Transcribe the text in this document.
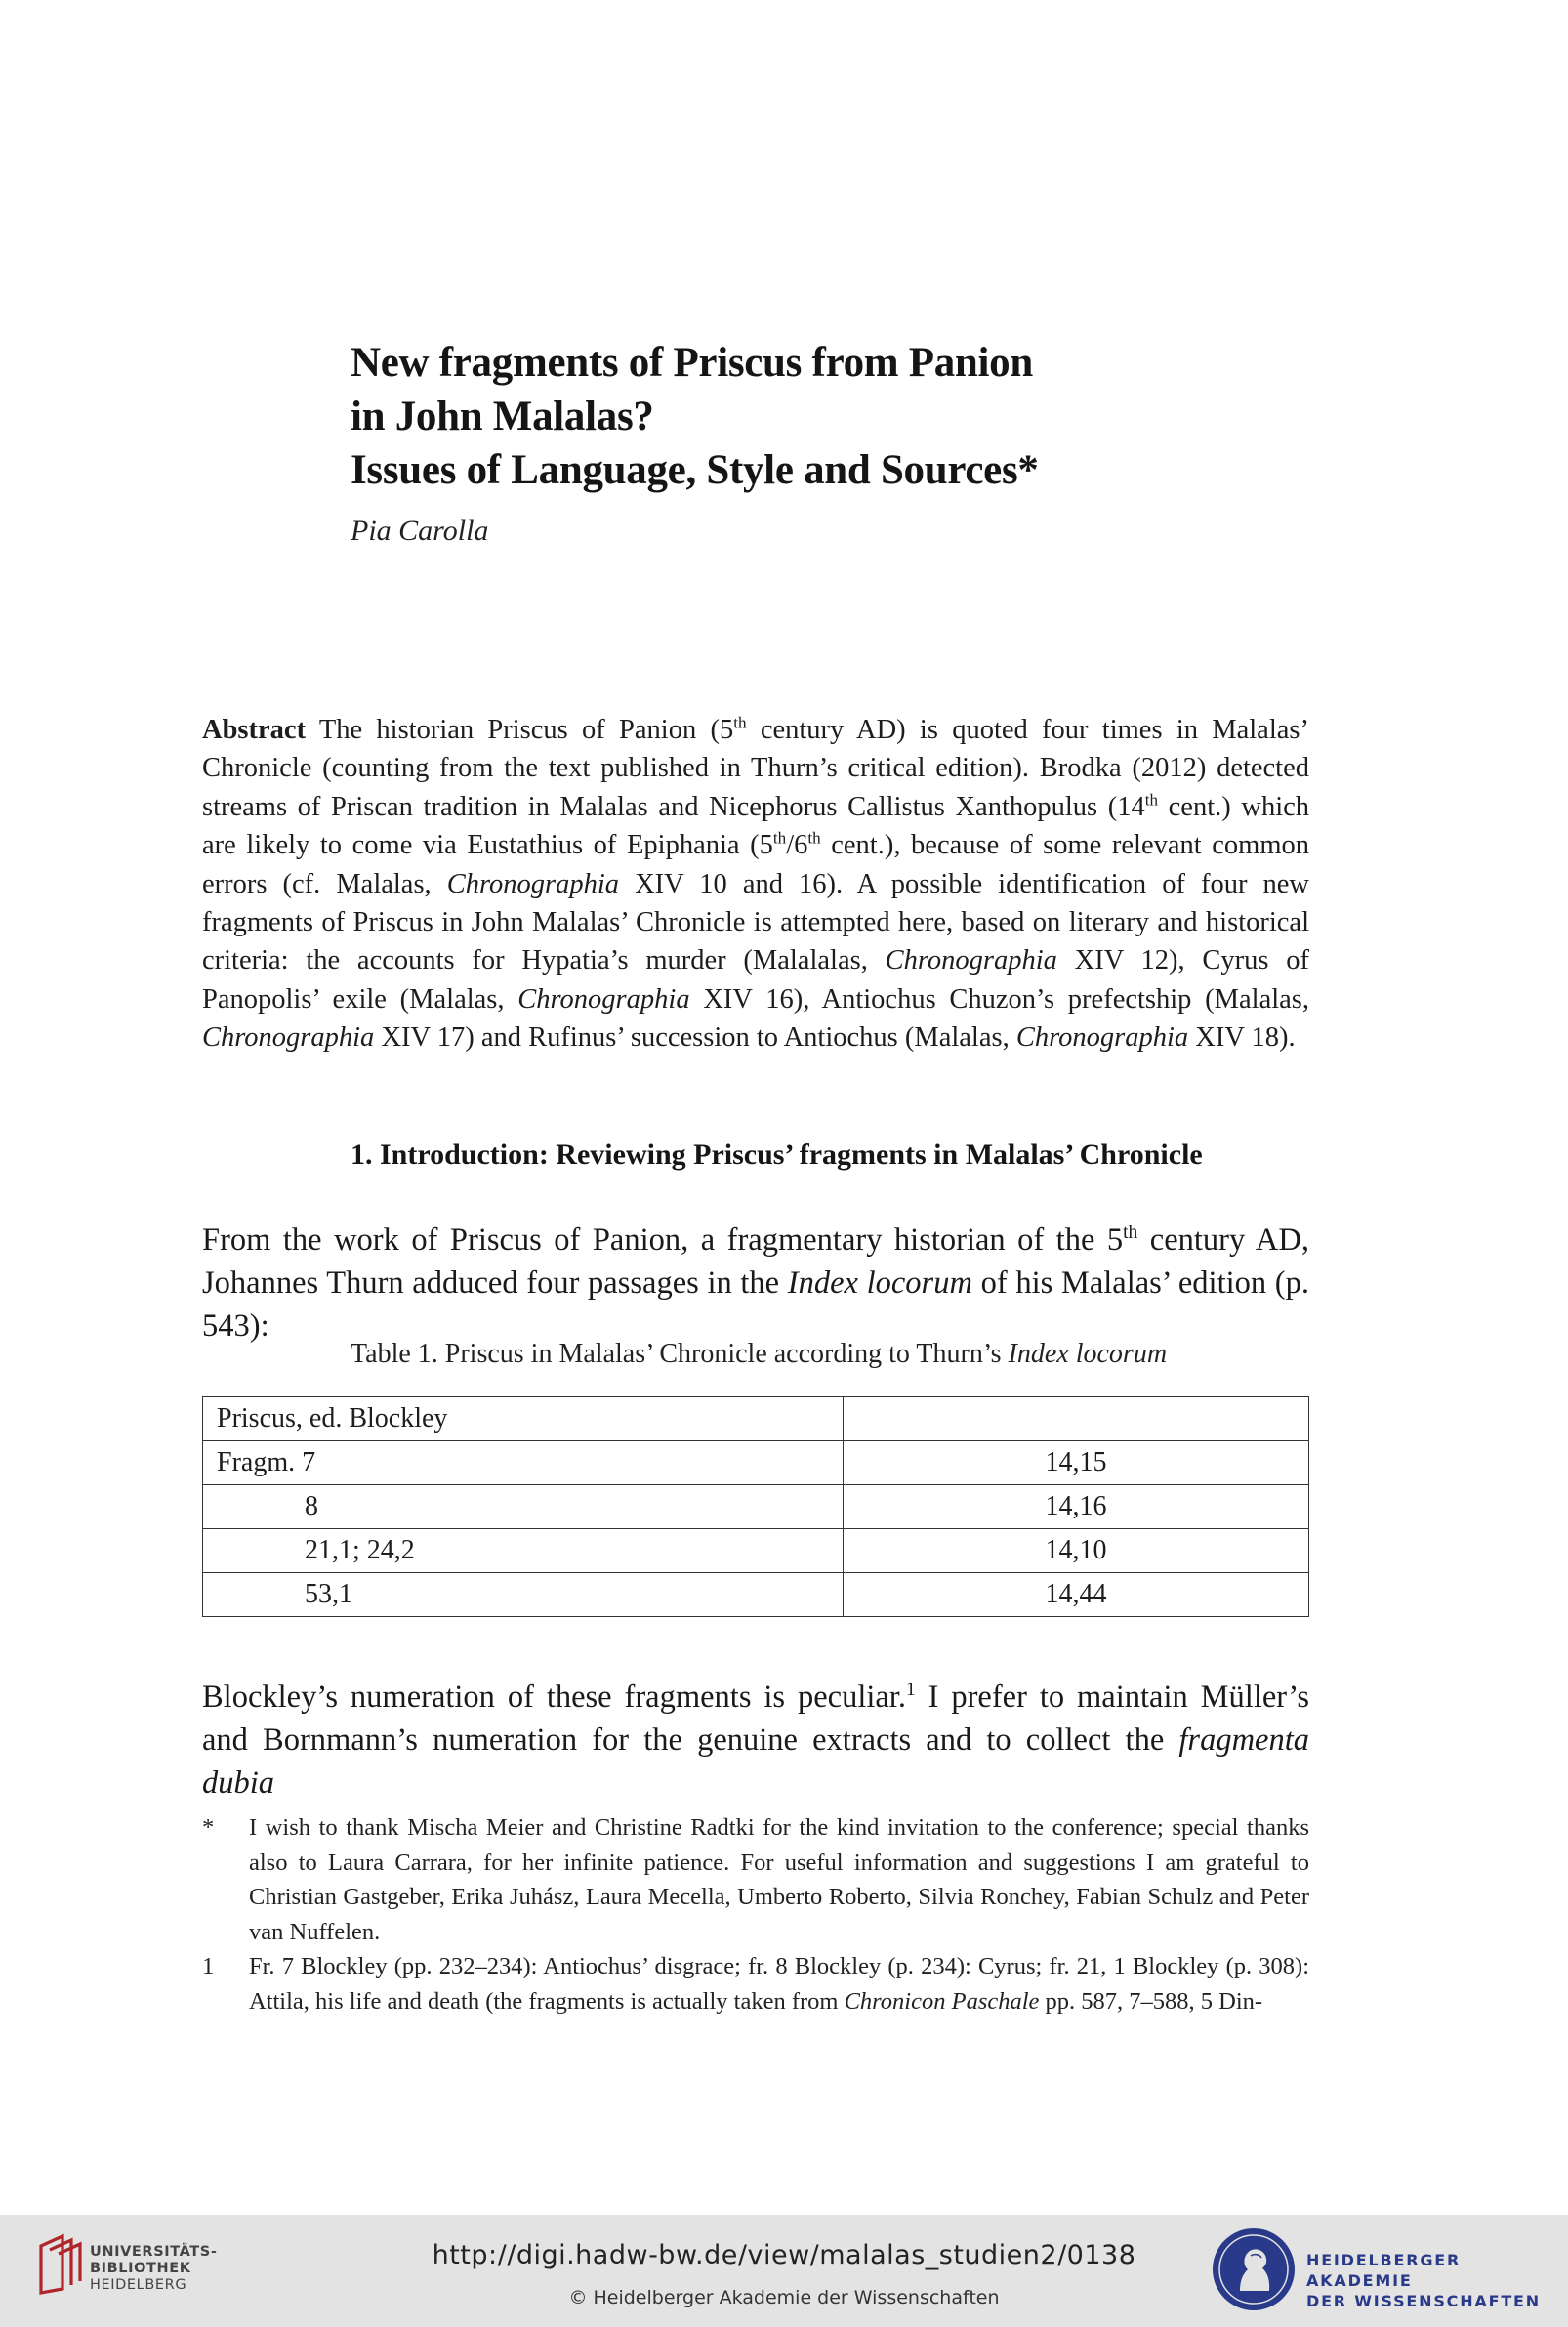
New fragments of Priscus from Panion
in John Malalas?
Issues of Language, Style and Sources*
Pia Carolla
Abstract The historian Priscus of Panion (5th century AD) is quoted four times in Malalas’ Chronicle (counting from the text published in Thurn’s critical edition). Brodka (2012) detected streams of Priscan tradition in Malalas and Nicephorus Callistus Xanthopulus (14th cent.) which are likely to come via Eustathius of Epiphania (5th/6th cent.), because of some relevant common errors (cf. Malalas, Chronographia XIV 10 and 16). A possible identification of four new fragments of Priscus in John Malalas’ Chronicle is attempted here, based on literary and historical criteria: the accounts for Hypatia’s murder (Malalalas, Chronographia XIV 12), Cyrus of Panopolis’ exile (Malalas, Chronographia XIV 16), Antiochus Chuzon’s prefectship (Malalas, Chronographia XIV 17) and Rufinus’ succession to Antiochus (Malalas, Chronographia XIV 18).
1. Introduction: Reviewing Priscus’ fragments in Malalas’ Chronicle
From the work of Priscus of Panion, a fragmentary historian of the 5th century AD, Johannes Thurn adduced four passages in the Index locorum of his Malalas’ edition (p. 543):
Table 1. Priscus in Malalas’ Chronicle according to Thurn’s Index locorum
Priscus, ed. Blockley	
Fragm. 7	14,15
8	14,16
21,1; 24,2	14,10
53,1	14,44
Blockley’s numeration of these fragments is peculiar.$^1$ I prefer to maintain Müller’s and Bornmann’s numeration for the genuine extracts and to collect the fragmenta dubia
*	I wish to thank Mischa Meier and Christine Radtki for the kind invitation to the conference; special thanks also to Laura Carrara, for her infinite patience. For useful information and suggestions I am grateful to Christian Gastgeber, Erika Juhász, Laura Mecella, Umberto Roberto, Silvia Ronchey, Fabian Schulz and Peter van Nuffelen.
1	Fr. 7 Blockley (pp. 232–234): Antiochus’ disgrace; fr. 8 Blockley (p. 234): Cyrus; fr. 21, 1 Blockley (p. 308): Attila, his life and death (the fragments is actually taken from Chronicon Paschale pp. 587, 7–588, 5 Din-
UNIVERSITÄTS-
BIBLIOTHEK
HEIDELBERG
http://digi.hadw-bw.de/view/malalas_studien2/0138
© Heidelberger Akademie der Wissenschaften
HEIDELBERGER AKADEMIE
DER WISSENSCHAFTEN
